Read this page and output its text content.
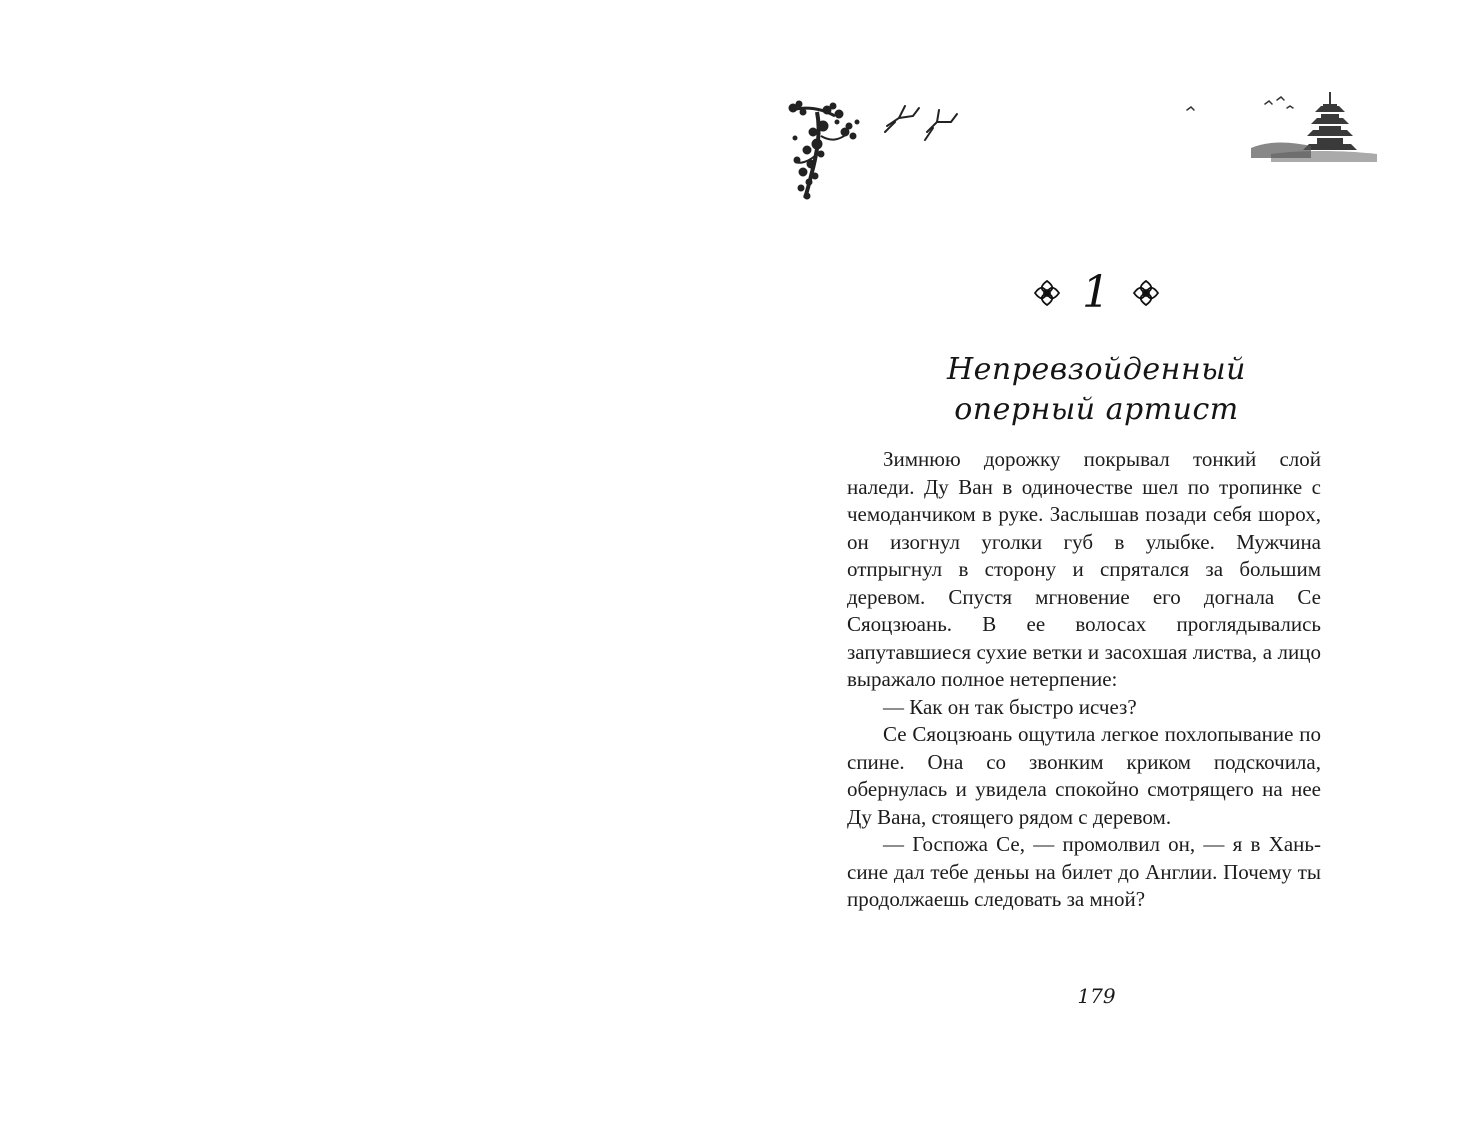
1
Непревзойденный
оперный артист

Зимнюю дорожку покрывал тонкий слой наледи. Ду Ван в одиночестве шел по тропинке с чемоданчиком в руке. Заслышав позади себя шорох, он изогнул уголки губ в улыбке. Мужчина отпрыгнул в сторону и спрятался за большим деревом. Спустя мгновение его догнала Се Сяоцзюань. В ее волосах проглядывались запутавшиеся сухие ветки и засохшая листва, а лицо выражало полное нетерпение:

— Как он так быстро исчез?

Се Сяоцзюань ощутила легкое похлопывание по спине. Она со звонким криком подскочила, обернулась и увидела спокойно смотрящего на нее Ду Вана, стоящего рядом с деревом.

— Госпожа Се, — промолвил он, — я в Ханьсине дал тебе деньы на билет до Англии. Почему ты продолжаешь следовать за мной?

179
